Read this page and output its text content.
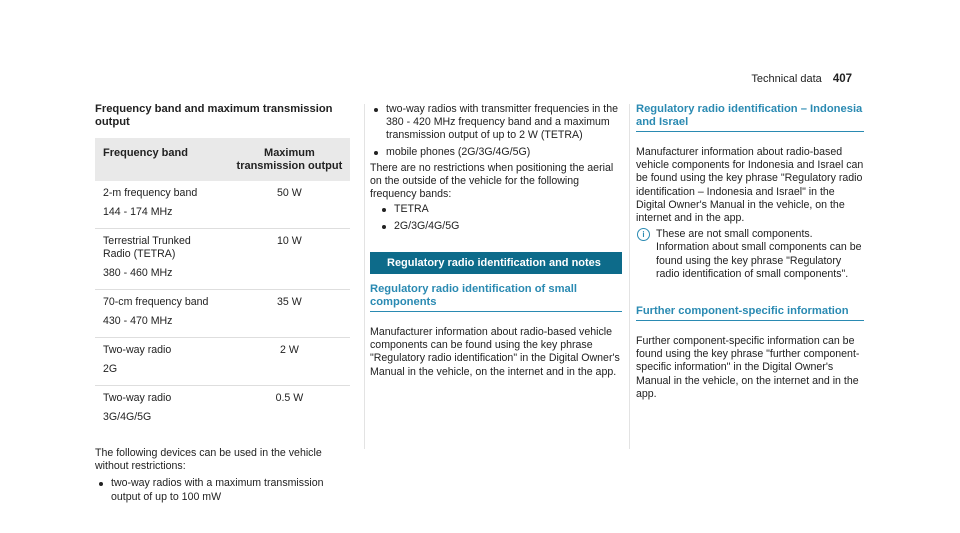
Technical data 407
Frequency band and maximum transmission output
Frequency band	Maximum transmission output

2-m frequency band
144 - 174 MHz	50 W

Terrestrial Trunked Radio (TETRA)
380 - 460 MHz	10 W

70-cm frequency band
430 - 470 MHz	35 W

Two-way radio
2G	2 W

Two-way radio
3G/4G/5G	0.5 W

The following devices can be used in the vehicle without restrictions:

two-way radios with a maximum transmission output of up to 100 mW
two-way radios with transmitter frequencies in the 380 - 420 MHz frequency band and a maximum transmission output of up to 2 W (TETRA)
mobile phones (2G/3G/4G/5G)

There are no restrictions when positioning the aerial on the outside of the vehicle for the following frequency bands:

TETRA
2G/3G/4G/5G
Regulatory radio identification and notes
Regulatory radio identification of small components

Manufacturer information about radio-based vehicle components can be found using the key phrase "Regulatory radio identification" in the Digital Owner's Manual in the vehicle, on the internet and in the app.

Regulatory radio identification – Indonesia and Israel

Manufacturer information about radio-based vehicle components for Indonesia and Israel can be found using the key phrase "Regulatory radio identification – Indonesia and Israel" in the Digital Owner's Manual in the vehicle, on the internet and in the app.

i	These are not small components. Information about small components can be found using the key phrase "Regulatory radio identification of small components".
Further component-specific information

Further component-specific information can be found using the key phrase "further component-specific information" in the Digital Owner's Manual in the vehicle, on the internet and in the app.
